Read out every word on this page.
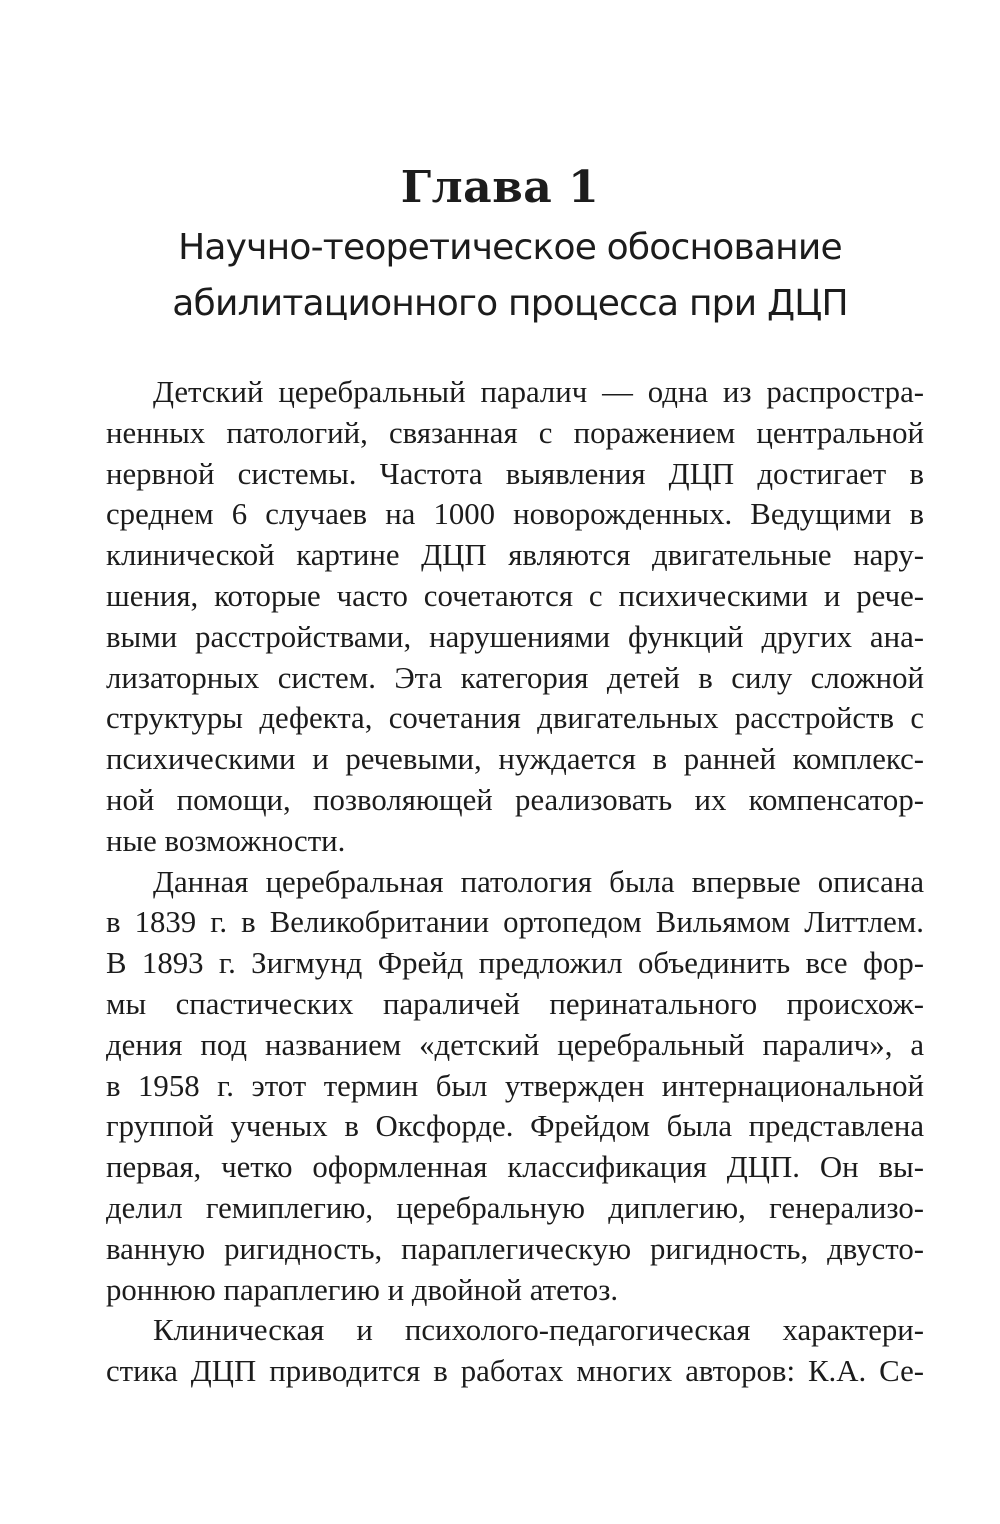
Глава 1
Научно-теоретическое обоснование
абилитационного процесса при ДЦП
Детский церебральный паралич — одна из распростра-
ненных патологий, связанная с поражением центральной
нервной системы. Частота выявления ДЦП достигает в
среднем 6 случаев на 1000 новорожденных. Ведущими в
клинической картине ДЦП являются двигательные нару-
шения, которые часто сочетаются с психическими и рече-
выми расстройствами, нарушениями функций других ана-
лизаторных систем. Эта категория детей в силу сложной
структуры дефекта, сочетания двигательных расстройств с
психическими и речевыми, нуждается в ранней комплекс-
ной помощи, позволяющей реализовать их компенсатор-
ные возможности.
Данная церебральная патология была впервые описана
в 1839 г. в Великобритании ортопедом Вильямом Литтлем.
В 1893 г. Зигмунд Фрейд предложил объединить все фор-
мы спастических параличей перинатального происхож-
дения под названием «детский церебральный паралич», а
в 1958 г. этот термин был утвержден интернациональной
группой ученых в Оксфорде. Фрейдом была представлена
первая, четко оформленная классификация ДЦП. Он вы-
делил гемиплегию, церебральную диплегию, генерализо-
ванную ригидность, параплегическую ригидность, двусто-
роннюю параплегию и двойной атетоз.
Клиническая и психолого-педагогическая характери-
стика ДЦП приводится в работах многих авторов: К.А. Се-
